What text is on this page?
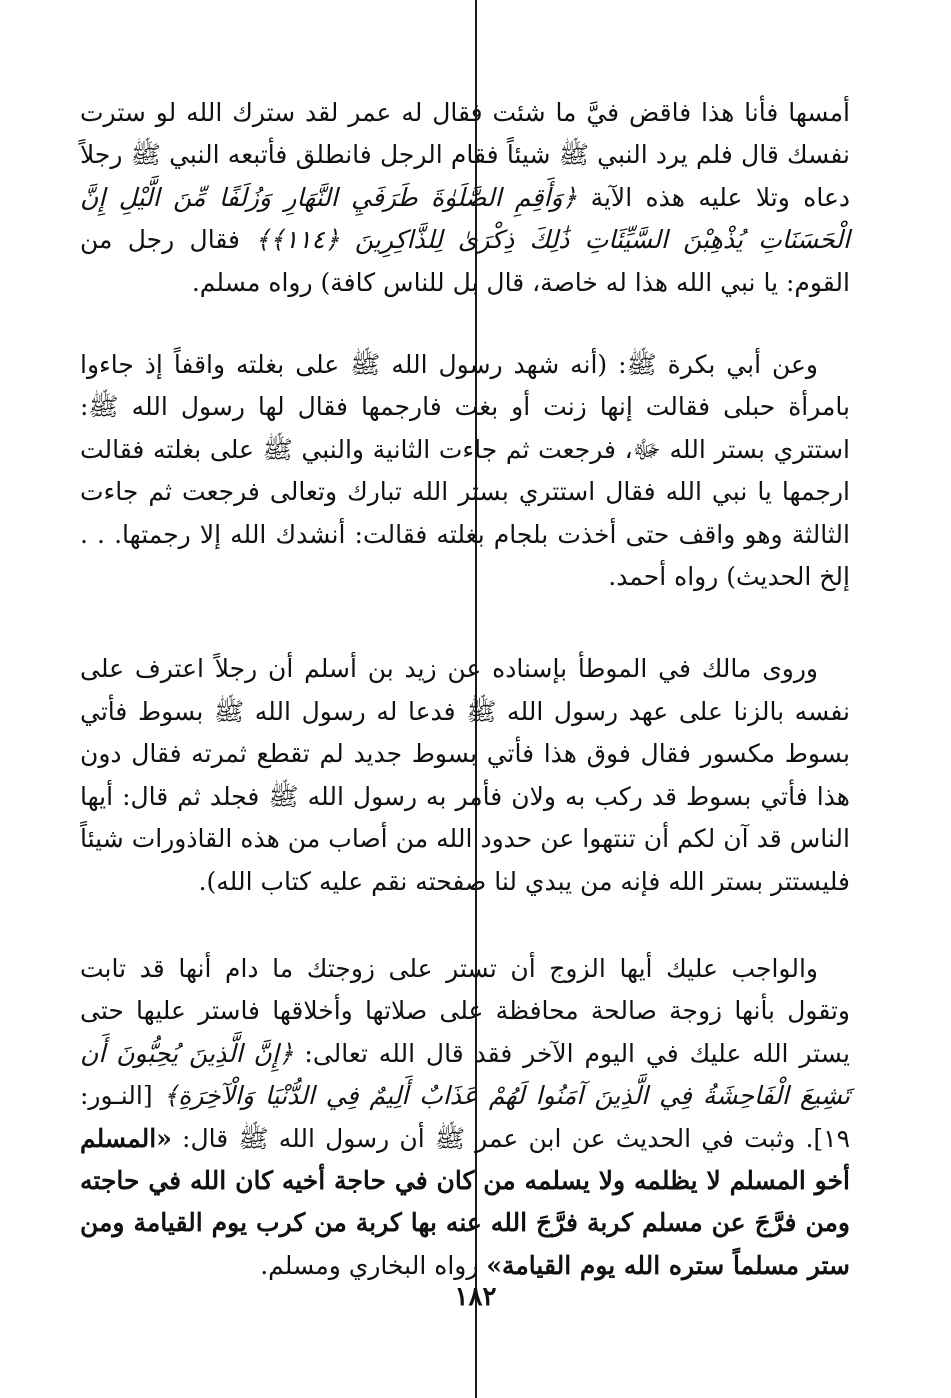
أمسها فأنا هذا فاقض فيَّ ما شئت فقال له عمر لقد سترك الله لو سترت نفسك قال فلم يرد النبي ﷺ شيئاً فقام الرجل فانطلق فأتبعه النبي ﷺ رجلاً دعاه وتلا عليه هذه الآية ﴿وَأَقِمِ الصَّلَوٰةَ طَرَفَيِ النَّهَارِ وَزُلَفًا مِّنَ الَّيْلِ إِنَّ الْحَسَنَاتِ يُذْهِبْنَ السَّيِّئَاتِ ذَٰلِكَ ذِكْرَىٰ لِلذَّاكِرِينَ ﴿١١٤﴾﴾ فقال رجل من القوم: يا نبي الله هذا له خاصة، قال بل للناس كافة) رواه مسلم.

وعن أبي بكرة ﷺ: (أنه شهد رسول الله ﷺ على بغلته واقفاً إذ جاءوا بامرأة حبلى فقالت إنها زنت أو بغت فارجمها فقال لها رسول الله ﷺ: استتري بستر الله ﷻ، فرجعت ثم جاءت الثانية والنبي ﷺ على بغلته فقالت ارجمها يا نبي الله فقال استتري بستر الله تبارك وتعالى فرجعت ثم جاءت الثالثة وهو واقف حتى أخذت بلجام بغلته فقالت: أنشدك الله إلا رجمتها. . . إلخ الحديث) رواه أحمد.

وروى مالك في الموطأ بإسناده عن زيد بن أسلم أن رجلاً اعترف على نفسه بالزنا على عهد رسول الله ﷺ فدعا له رسول الله ﷺ بسوط فأتي بسوط مكسور فقال فوق هذا فأتي بسوط جديد لم تقطع ثمرته فقال دون هذا فأتي بسوط قد ركب به ولان فأمر به رسول الله ﷺ فجلد ثم قال: أيها الناس قد آن لكم أن تنتهوا عن حدود الله من أصاب من هذه القاذورات شيئاً فليستتر بستر الله فإنه من يبدي لنا صفحته نقم عليه كتاب الله).

والواجب عليك أيها الزوج أن تستر على زوجتك ما دام أنها قد تابت وتقول بأنها زوجة صالحة محافظة على صلاتها وأخلاقها فاستر عليها حتى يستر الله عليك في اليوم الآخر فقد قال الله تعالى: ﴿إِنَّ الَّذِينَ يُحِبُّونَ أَن تَشِيعَ الْفَاحِشَةُ فِي الَّذِينَ آمَنُوا لَهُمْ عَذَابٌ أَلِيمٌ فِي الدُّنْيَا وَالْآخِرَةِ﴾ [النـور: ١٩]. وثبت في الحديث عن ابن عمر ﷺ أن رسول الله ﷺ قال: «المسلم أخو المسلم لا يظلمه ولا يسلمه من كان في حاجة أخيه كان الله في حاجته ومن فرَّجَ عن مسلم كربة فرَّجَ الله عنه بها كربة من كرب يوم القيامة ومن ستر مسلماً ستره الله يوم القيامة» رواه البخاري ومسلم.

١٨٢
